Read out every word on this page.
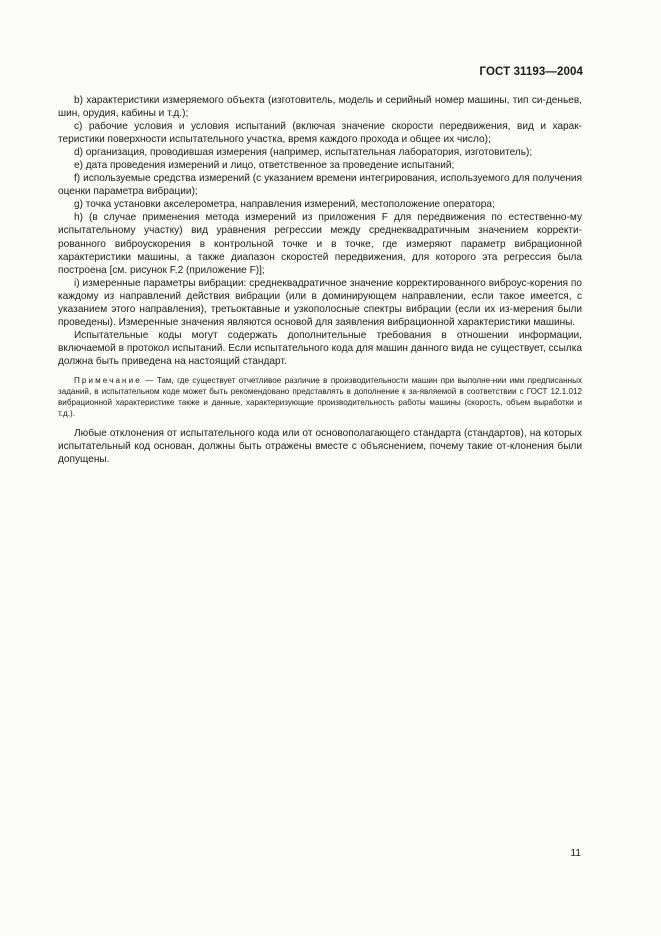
ГОСТ 31193—2004

b) характеристики измеряемого объекта (изготовитель, модель и серийный номер машины, тип си-деньев, шин, орудия, кабины и т.д.);

c) рабочие условия и условия испытаний (включая значение скорости передвижения, вид и харак-теристики поверхности испытательного участка, время каждого прохода и общее их число);

d) организация, проводившая измерения (например, испытательная лаборатория, изготовитель);

e) дата проведения измерений и лицо, ответственное за проведение испытаний;

f) используемые средства измерений (с указанием времени интегрирования, используемого для получения оценки параметра вибрации);

g) точка установки акселерометра, направления измерений, местоположение оператора;

h) (в случае применения метода измерений из приложения F для передвижения по естественно-му испытательному участку) вид уравнения регрессии между среднеквадратичным значением корректи-рованного виброускорения в контрольной точке и в точке, где измеряют параметр вибрационной характеристики машины, а также диапазон скоростей передвижения, для которого эта регрессия была построена [см. рисунок F.2 (приложение F)];

i) измеренные параметры вибрации: среднеквадратичное значение корректированного виброус-корения по каждому из направлений действия вибрации (или в доминирующем направлении, если такое имеется, с указанием этого направления), третьоктавные и узкополосные спектры вибрации (если их из-мерения были проведены). Измеренные значения являются основой для заявления вибрационной характеристики машины.

Испытательные коды могут содержать дополнительные требования в отношении информации, включаемой в протокол испытаний. Если испытательного кода для машин данного вида не существует, ссылка должна быть приведена на настоящий стандарт.

Примечание — Там, где существует отчетливое различие в производительности машин при выполне-нии ими предписанных заданий, в испытательном коде может быть рекомендовано представлять в дополнение к за-являемой в соответствии с ГОСТ 12.1.012 вибрационной характеристике также и данные, характеризующие производительность работы машины (скорость, объем выработки и т.д.).

Любые отклонения от испытательного кода или от основополагающего стандарта (стандартов), на которых испытательный код основан, должны быть отражены вместе с объяснением, почему такие от-клонения были допущены.

11
